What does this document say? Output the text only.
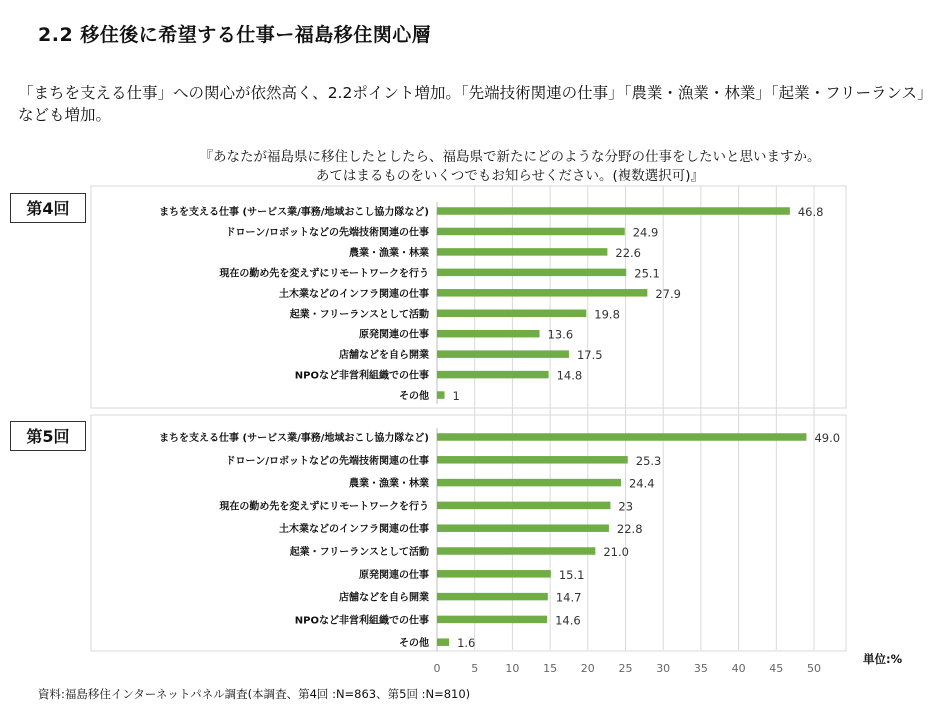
2.2 移住後に希望する仕事ー福島移住関心層
「まちを支える仕事」への関心が依然高く、2.2ポイント増加。「先端技術関連の仕事」「農業・漁業・林業」「起業・フリーランス」なども増加。
『あなたが福島県に移住したとしたら、福島県で新たにどのような分野の仕事をしたいと思いますか。
あてはまるものをいくつでもお知らせください。(複数選択可)』
まちを支える仕事 (サービス業/事務/地域おこし協力隊など)	46.8
ドローン/ロボットなどの先端技術関連の仕事	24.9
農業・漁業・林業	22.6
現在の勤め先を変えずにリモートワークを行う	25.1
土木業などのインフラ関連の仕事	27.9
起業・フリーランスとして活動	19.8
原発関連の仕事	13.6
店舗などを自ら開業	17.5
NPOなど非営利組織での仕事	14.8
その他 1
まちを支える仕事 (サービス業/事務/地域おこし協力隊など)	49.0
ドローン/ロボットなどの先端技術関連の仕事	25.3
農業・漁業・林業	24.4
現在の勤め先を変えずにリモートワークを行う	23
土木業などのインフラ関連の仕事	22.8
起業・フリーランスとして活動	21.0
原発関連の仕事	15.1
店舗などを自ら開業	14.7
NPOなど非営利組織での仕事	14.6
その他 1.6
0	5 10 15 20 25 30 35 40 45 50
第4回
第5回
単位:%
資料:福島移住インターネットパネル調査(本調査、第4回 :N=863、第5回 :N=810)
